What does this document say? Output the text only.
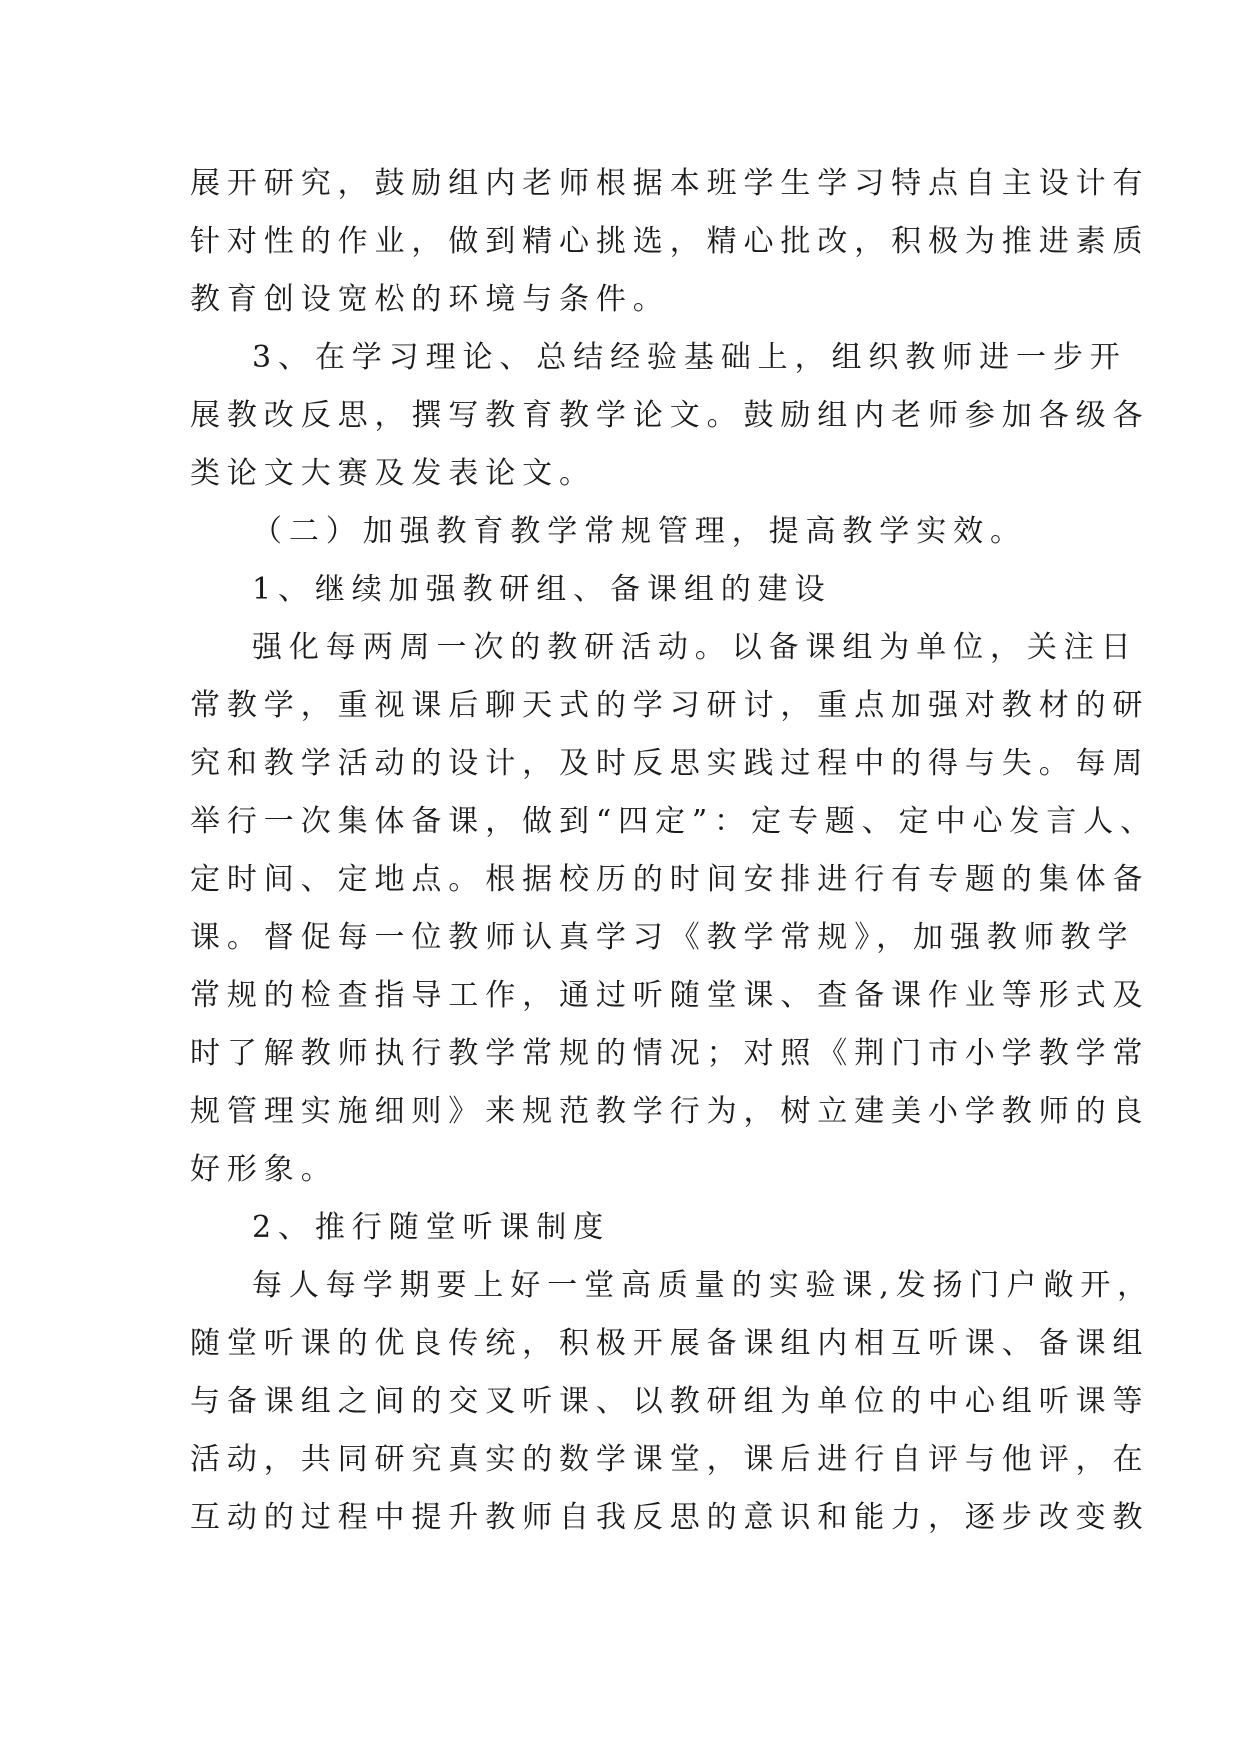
展开研究，鼓励组内老师根据本班学生学习特点自主设计有
针对性的作业，做到精心挑选，精心批改，积极为推进素质
教育创设宽松的环境与条件。
3、在学习理论、总结经验基础上，组织教师进一步开
展教改反思，撰写教育教学论文。鼓励组内老师参加各级各
类论文大赛及发表论文。
（二）加强教育教学常规管理，提高教学实效。
1、继续加强教研组、备课组的建设
强化每两周一次的教研活动。以备课组为单位，关注日
常教学，重视课后聊天式的学习研讨，重点加强对教材的研
究和教学活动的设计，及时反思实践过程中的得与失。每周
举行一次集体备课，做到“四定”：定专题、定中心发言人、
定时间、定地点。根据校历的时间安排进行有专题的集体备
课。督促每一位教师认真学习《教学常规》，加强教师教学
常规的检查指导工作，通过听随堂课、查备课作业等形式及
时了解教师执行教学常规的情况；对照《荆门市小学教学常
规管理实施细则》来规范教学行为，树立建美小学教师的良
好形象。
2、推行随堂听课制度
每人每学期要上好一堂高质量的实验课,发扬门户敞开，
随堂听课的优良传统，积极开展备课组内相互听课、备课组
与备课组之间的交叉听课、以教研组为单位的中心组听课等
活动，共同研究真实的数学课堂，课后进行自评与他评，在
互动的过程中提升教师自我反思的意识和能力，逐步改变教
